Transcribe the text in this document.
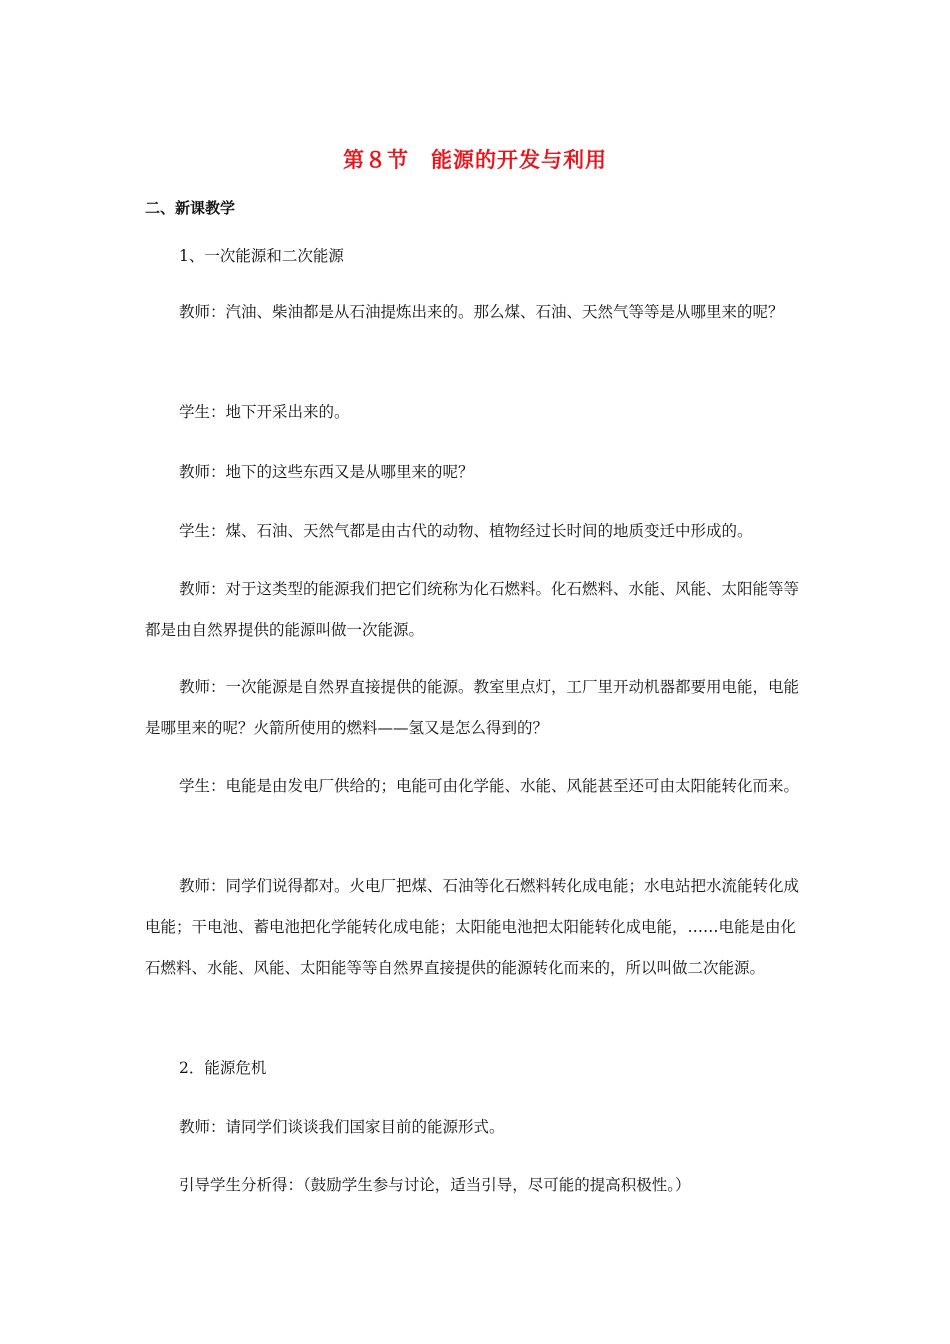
第８节　能源的开发与利用
二、新课教学
1、一次能源和二次能源
教师：汽油、柴油都是从石油提炼出来的。那么煤、石油、天然气等等是从哪里来的呢？
学生：地下开采出来的。
教师：地下的这些东西又是从哪里来的呢？
学生：煤、石油、天然气都是由古代的动物、植物经过长时间的地质变迁中形成的。
教师：对于这类型的能源我们把它们统称为化石燃料。化石燃料、水能、风能、太阳能等等都是由自然界提供的能源叫做一次能源。
教师：一次能源是自然界直接提供的能源。教室里点灯，工厂里开动机器都要用电能，电能是哪里来的呢？火箭所使用的燃料——氢又是怎么得到的？
学生：电能是由发电厂供给的；电能可由化学能、水能、风能甚至还可由太阳能转化而来。
教师：同学们说得都对。火电厂把煤、石油等化石燃料转化成电能；水电站把水流能转化成电能；干电池、蓄电池把化学能转化成电能；太阳能电池把太阳能转化成电能，……电能是由化石燃料、水能、风能、太阳能等等自然界直接提供的能源转化而来的，所以叫做二次能源。
2．能源危机
教师：请同学们谈谈我们国家目前的能源形式。
引导学生分析得：（鼓励学生参与讨论，适当引导，尽可能的提高积极性。）
